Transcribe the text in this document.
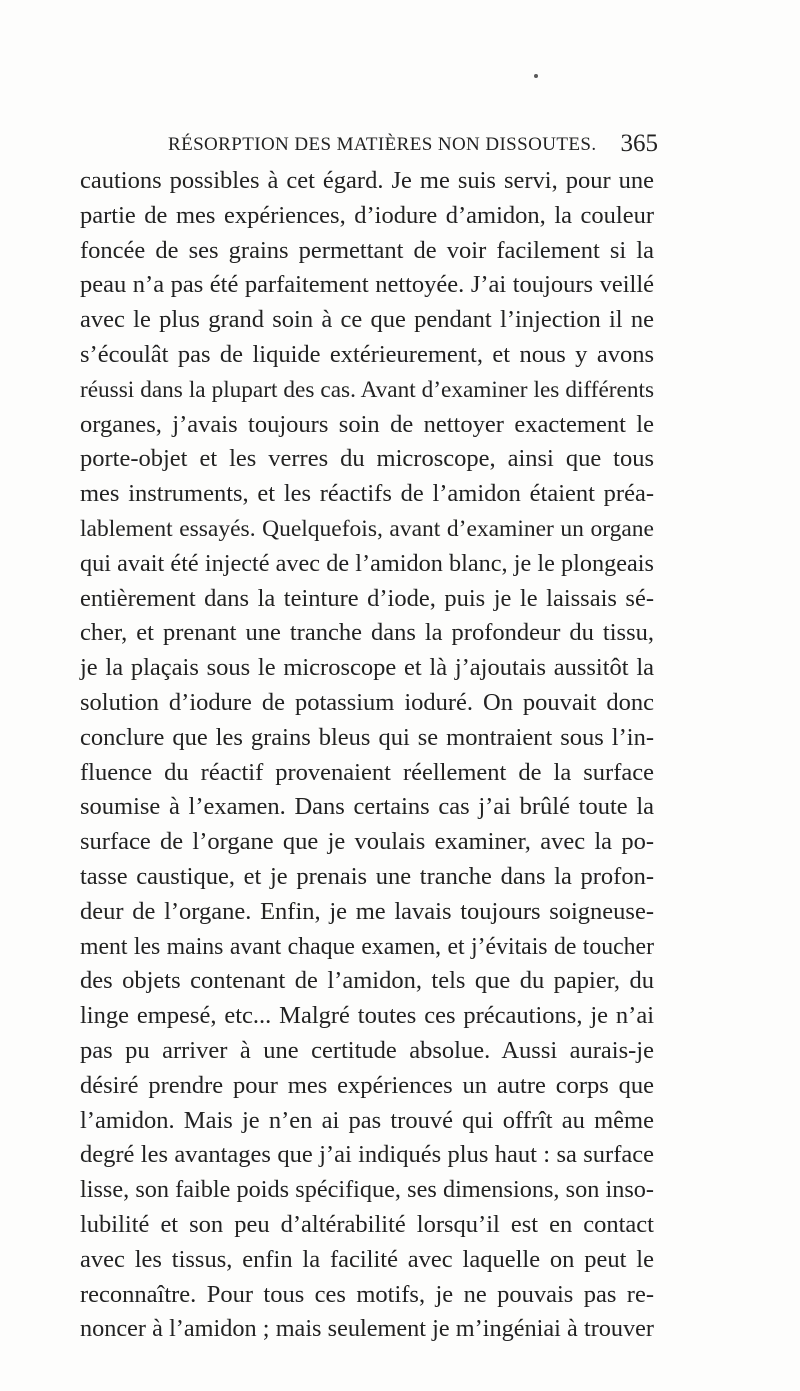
RÉSORPTION DES MATIÈRES NON DISSOUTES. 365
cautions possibles à cet égard. Je me suis servi, pour une
partie de mes expériences, d’iodure d’amidon, la couleur
foncée de ses grains permettant de voir facilement si la
peau n’a pas été parfaitement nettoyée. J’ai toujours veillé
avec le plus grand soin à ce que pendant l’injection il ne
s’écoulât pas de liquide extérieurement, et nous y avons
réussi dans la plupart des cas. Avant d’examiner les différents
organes, j’avais toujours soin de nettoyer exactement le
porte-objet et les verres du microscope, ainsi que tous
mes instruments, et les réactifs de l’amidon étaient préa-
lablement essayés. Quelquefois, avant d’examiner un organe
qui avait été injecté avec de l’amidon blanc, je le plongeais
entièrement dans la teinture d’iode, puis je le laissais sé-
cher, et prenant une tranche dans la profondeur du tissu,
je la plaçais sous le microscope et là j’ajoutais aussitôt la
solution d’iodure de potassium ioduré. On pouvait donc
conclure que les grains bleus qui se montraient sous l’in-
fluence du réactif provenaient réellement de la surface
soumise à l’examen. Dans certains cas j’ai brûlé toute la
surface de l’organe que je voulais examiner, avec la po-
tasse caustique, et je prenais une tranche dans la profon-
deur de l’organe. Enfin, je me lavais toujours soigneuse-
ment les mains avant chaque examen, et j’évitais de toucher
des objets contenant de l’amidon, tels que du papier, du
linge empesé, etc... Malgré toutes ces précautions, je n’ai
pas pu arriver à une certitude absolue. Aussi aurais-je
désiré prendre pour mes expériences un autre corps que
l’amidon. Mais je n’en ai pas trouvé qui offrît au même
degré les avantages que j’ai indiqués plus haut : sa surface
lisse, son faible poids spécifique, ses dimensions, son inso-
lubilité et son peu d’altérabilité lorsqu’il est en contact
avec les tissus, enfin la facilité avec laquelle on peut le
reconnaître. Pour tous ces motifs, je ne pouvais pas re-
noncer à l’amidon ; mais seulement je m’ingéniai à trouver
